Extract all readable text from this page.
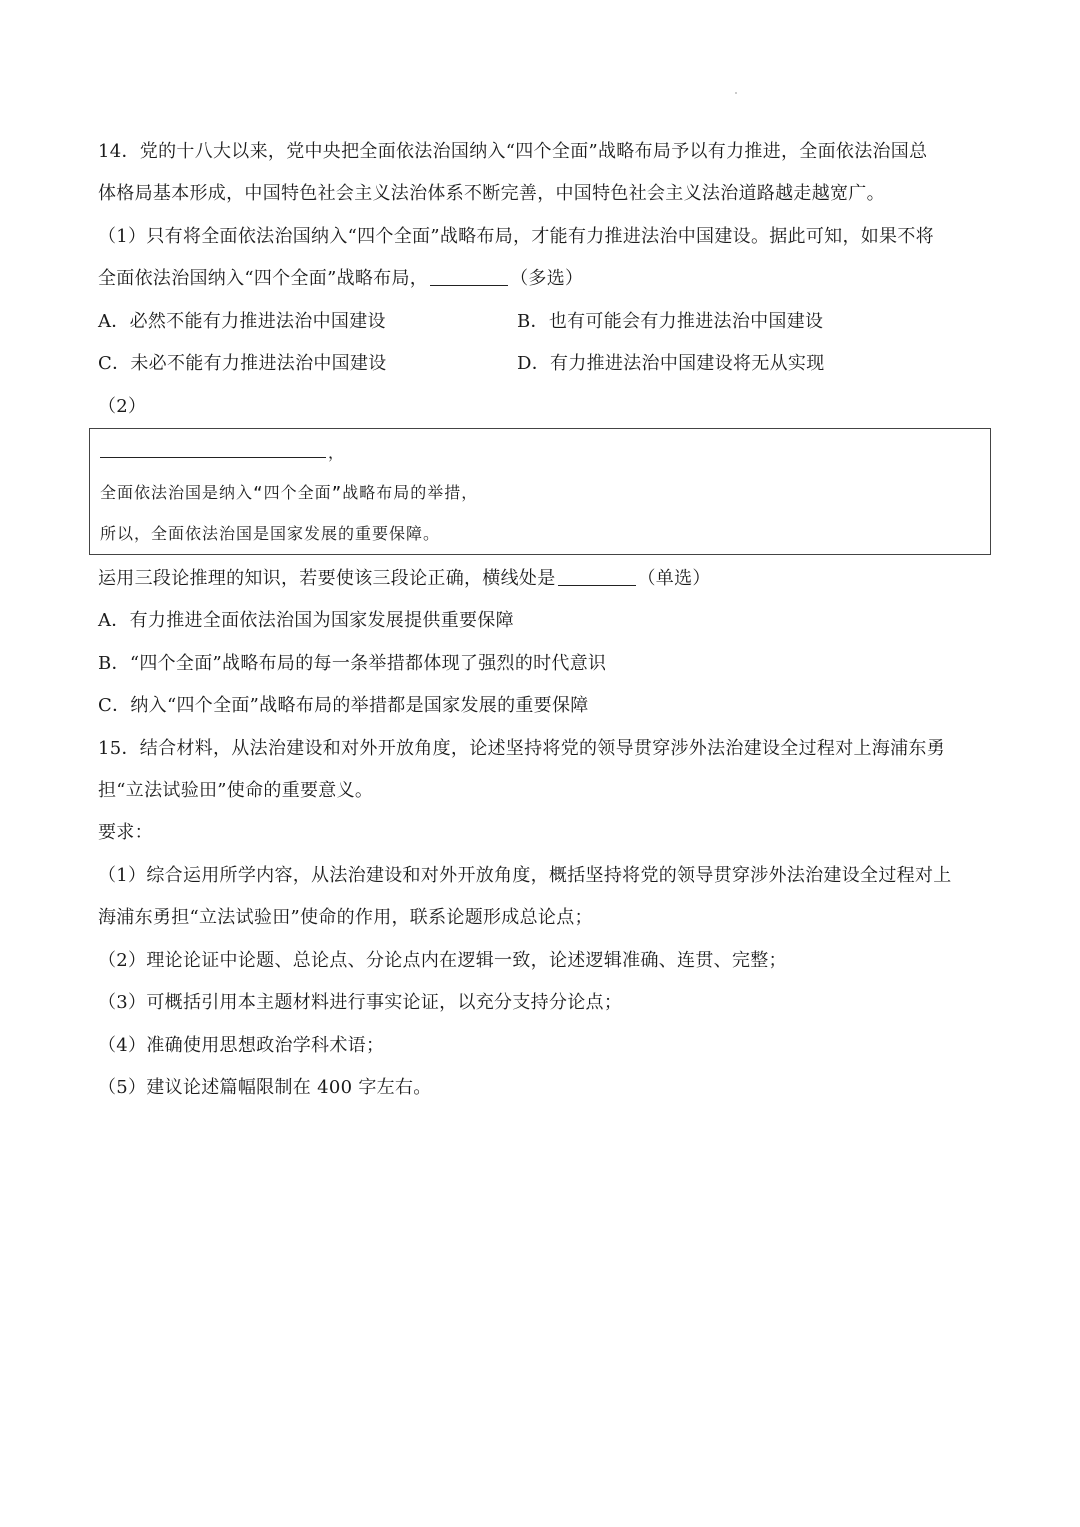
14．党的十八大以来，党中央把全面依法治国纳入“四个全面”战略布局予以有力推进，全面依法治国总
体格局基本形成，中国特色社会主义法治体系不断完善，中国特色社会主义法治道路越走越宽广。
（1）只有将全面依法治国纳入“四个全面”战略布局，才能有力推进法治中国建设。据此可知，如果不将
全面依法治国纳入“四个全面”战略布局，	（多选）
A．必然不能有力推进法治中国建设	B．也有可能会有力推进法治中国建设
C．未必不能有力推进法治中国建设	D．有力推进法治中国建设将无从实现
（2）
，
全面依法治国是纳入“四个全面”战略布局的举措，
所以，全面依法治国是国家发展的重要保障。
运用三段论推理的知识，若要使该三段论正确，横线处是	（单选）
A．有力推进全面依法治国为国家发展提供重要保障
B．“四个全面”战略布局的每一条举措都体现了强烈的时代意识
C．纳入“四个全面”战略布局的举措都是国家发展的重要保障
15．结合材料，从法治建设和对外开放角度，论述坚持将党的领导贯穿涉外法治建设全过程对上海浦东勇
担“立法试验田”使命的重要意义。
要求：
（1）综合运用所学内容，从法治建设和对外开放角度，概括坚持将党的领导贯穿涉外法治建设全过程对上
海浦东勇担“立法试验田”使命的作用，联系论题形成总论点；
（2）理论论证中论题、总论点、分论点内在逻辑一致，论述逻辑准确、连贯、完整；
（3）可概括引用本主题材料进行事实论证，以充分支持分论点；
（4）准确使用思想政治学科术语；
（5）建议论述篇幅限制在 400 字左右。
